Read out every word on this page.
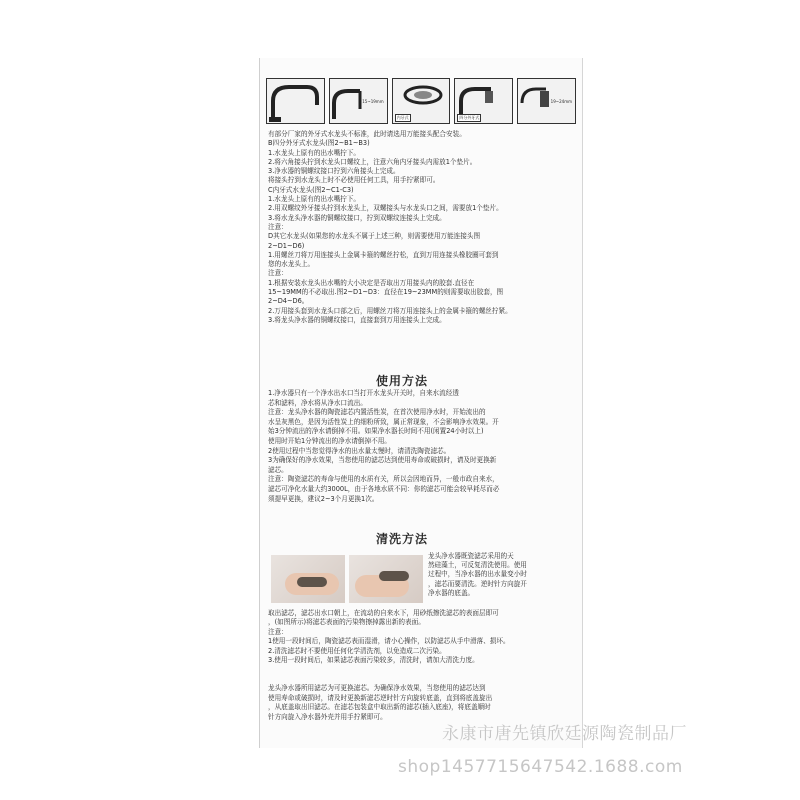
15~19mm
内牙式	四分外牙式
19~24mm

有部分厂家的外牙式水龙头不标准，此时请选用万能接头配合安装。

B四分外牙式水龙头(图2~B1~B3)

1.水龙头上原有的出水嘴拧下。

2.将六角接头拧到水龙头口螺纹上，注意六角内牙接头内需放1个垫片。

3.净水器的铜螺纹接口拧到六角接头上完成。

将接头拧到水龙头上时不必使用任何工具，用手拧紧即可。

C内牙式水龙头(图2~C1-C3)

1.水龙头上原有的出水嘴拧下。

2.用双螺纹外牙接头拧到水龙头上，双螺接头与水龙头口之间，需要放1个垫片。

3.将水龙头净水器的铜螺纹接口，拧到双螺纹连接头上完成。

注意：

D其它水龙头(如果您的水龙头不属于上述三种，则需要使用万能连接头图

2~D1~D6)

1.用螺丝刀将万用连接头上金属卡箍的螺丝拧松，直到万用连接头橡胶圈可套到

您的水龙头上。

注意：

1.根据安装水龙头出水嘴的大小决定是否取出万用接头内的胶套.直径在

15~19MM的不必取出.图2~D1~D3：直径在19~23MM的则需要取出胶套，图

2~D4~D6。

2.万用接头套到水龙头口部之后，用螺丝刀将万用连接头上的金属卡箍的螺丝拧紧。

3.将龙头净水器的铜螺纹接口，直接套到万用连接头上完成。

使用方法

1.净水器只有一个净水出水口当打开水龙头开关时，自来水流经透

芯和滤料，净水将从净水口流出。

注意：龙头净水器的陶瓷滤芯内置活性炭，在首次使用净水时，开始流出的

水呈灰黑色，是因为活性炭上的细粉所致，属正常现象，不会影响净水效果。开

始3分钟流出的净水请倒掉不用。如果净水器长时间不用(闲置24小时以上)

使用时开始1分钟流出的净水请倒掉不用。

2使用过程中当您觉得净水的出水量太慢时，请清洗陶瓷滤芯。

3为确保好的净水效果，当您使用的滤芯达到使用寿命或破损时，请及时更换新

滤芯。

注意：陶瓷滤芯的寿命与使用的水质有关，所以会因地而异，一般市政自来水，

滤芯可净化水量大约3000L，由于各地水质不同：你的滤芯可能会较早耗尽而必

须提早更换，建议2~3个月更换1次。

清洗方法

龙头净水器既瓷滤芯采用的天

然硅藻土，可反复清洗使用。使用

过程中，当净水器的出水量变小时

，滤芯而要清洗。逆时针方向旋开

净水器的底盖。

取出滤芯，滤芯出水口朝上，在流动的自来水下，用砂纸擦洗滤芯的表面层即可

，(如图所示)将滤芯表面的污染物擦掉露出新的表面。

注意：

1使用一段时间后，陶瓷滤芯表而湿滑，请小心操作，以防滤芯从手中滑落、损坏。

2.清洗滤芯时不要使用任何化学清洗剂，以免造成二次污染。

3.使用一段时间后，如果滤芯表面污染较多，清洗时，请加大清洗力度。

龙头净水器所用滤芯为可更换滤芯。为确保净水效果，当您使用的滤芯达到

使用寿命或破损时，请及时更换新滤芯逆时针方向旋转底盖，直到将底盖旋出

，从底盖取出旧滤芯。在滤芯包装盒中取出新的滤芯(插入底座)，将底盖顺时

针方向旋入净水器外壳并用手拧紧即可。

永康市唐先镇欣廷源陶瓷制品厂
shop1457715647542.1688.com
